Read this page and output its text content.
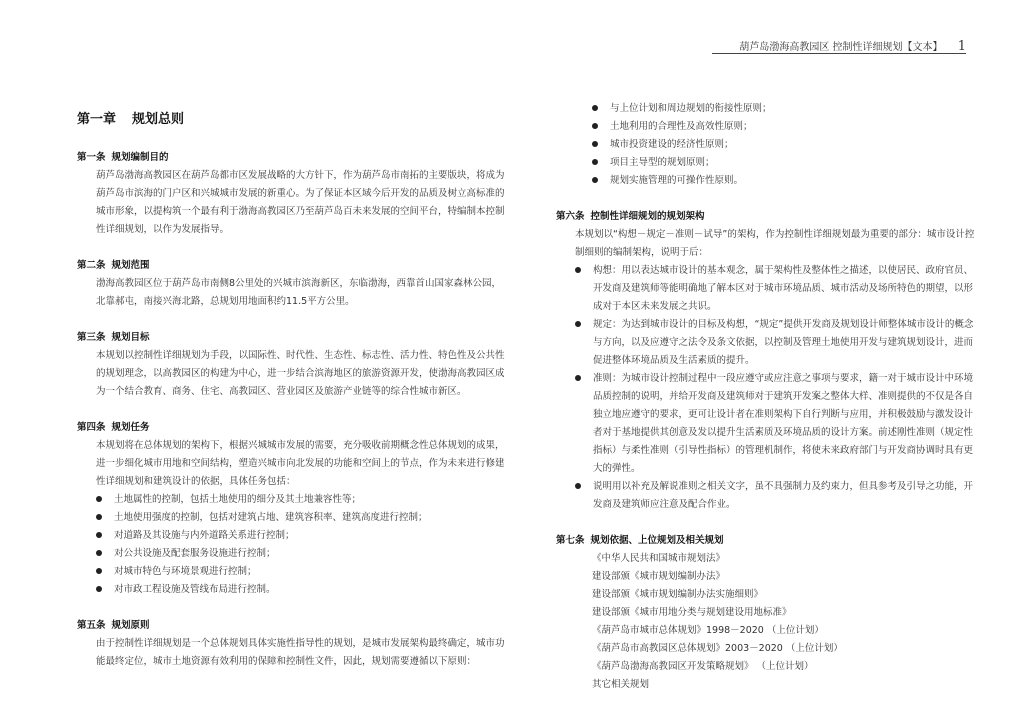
葫芦岛渤海高教园区 控制性详细规划【文本】 1
第一章 规划总则

第一条 规划编制目的

葫芦岛渤海高教园区在葫芦岛都市区发展战略的大方针下，作为葫芦岛市南拓的主要版块，将成为葫芦岛市滨海的门户区和兴城城市发展的新重心。为了保证本区域今后开发的品质及树立高标准的城市形象，以提构筑一个最有利于渤海高教园区乃至葫芦岛百未来发展的空间平台，特编制本控制性详细规划，以作为发展指导。

第二条 规划范围

渤海高教园区位于葫芦岛市南侧8公里处的兴城市滨海新区，东临渤海，西靠首山国家森林公园，北靠郝屯，南接兴海北路，总规划用地面积约11.5平方公里。

第三条 规划目标

本规划以控制性详细规划为手段，以国际性、时代性、生态性、标志性、活力性、特色性及公共性的规划理念，以高教园区的构建为中心，进一步结合滨海地区的旅游资源开发，使渤海高教园区成为一个结合教育、商务、住宅、高教园区、营业园区及旅游产业链等的综合性城市新区。

第四条 规划任务

本规划将在总体规划的架构下，根据兴城城市发展的需要，充分吸收前期概念性总体规划的成果，进一步细化城市用地和空间结构，塑造兴城市向北发展的功能和空间上的节点，作为未来进行修建性详细规划和建筑设计的依据，具体任务包括：

土地属性的控制，包括土地使用的细分及其土地兼容性等；
土地使用强度的控制，包括对建筑占地、建筑容积率、建筑高度进行控制；
对道路及其设施与内外道路关系进行控制；
对公共设施及配套服务设施进行控制；
对城市特色与环境景观进行控制；
对市政工程设施及管线布局进行控制。

第五条 规划原则

由于控制性详细规划是一个总体规划具体实施性指导性的规划，是城市发展架构最终确定，城市功能最终定位，城市土地资源有效利用的保障和控制性文件，因此，规划需要遵循以下原则：

与上位计划和周边规划的衔接性原则；
土地利用的合理性及高效性原则；
城市投资建设的经济性原则；
项目主导型的规划原则；
规划实施管理的可操作性原则。

第六条 控制性详细规划的规划架构

本规划以“构想－规定－准则－试导”的架构，作为控制性详细规划最为重要的部分：城市设计控制细则的编制架构，说明于后：

构想：用以表达城市设计的基本观念，属于架构性及整体性之描述，以使居民、政府官员、开发商及建筑师等能明确地了解本区对于城市环境品质、城市活动及场所特色的期望，以形成对于本区未来发展之共识。
规定：为达到城市设计的目标及构想，“规定”提供开发商及规划设计师整体城市设计的概念与方向，以及应遵守之法令及条文依据，以控制及管理土地使用开发与建筑规划设计，进而促进整体环境品质及生活素质的提升。
准则：为城市设计控制过程中一段应遵守或应注意之事项与要求，籍一对于城市设计中环境品质控制的说明，并给开发商及建筑师对于建筑开发案之整体大样、准则提供的不仅是各自独立地应遵守的要求，更可让设计者在准则架构下自行判断与应用，并积极鼓励与激发设计者对于基地提供其创意及发以提升生活素质及环境品质的设计方案。前述刚性准则（规定性指标）与柔性准则（引导性指标）的管理机制作，将使未来政府部门与开发商协调时具有更大的弹性。
说明用以补充及解说准则之相关文字，虽不具强制力及约束力，但具参考及引导之功能，开发商及建筑师应注意及配合作业。

第七条 规划依据、上位规划及相关规划

《中华人民共和国城市规划法》
建设部颁《城市规划编制办法》
建设部颁《城市规划编制办法实施细则》
建设部颁《城市用地分类与规划建设用地标准》
《葫芦岛市城市总体规划》1998－2020 （上位计划）
《葫芦岛市高教园区总体规划》2003－2020 （上位计划）
《葫芦岛渤海高教园区开发策略规划》 （上位计划）
其它相关规划
